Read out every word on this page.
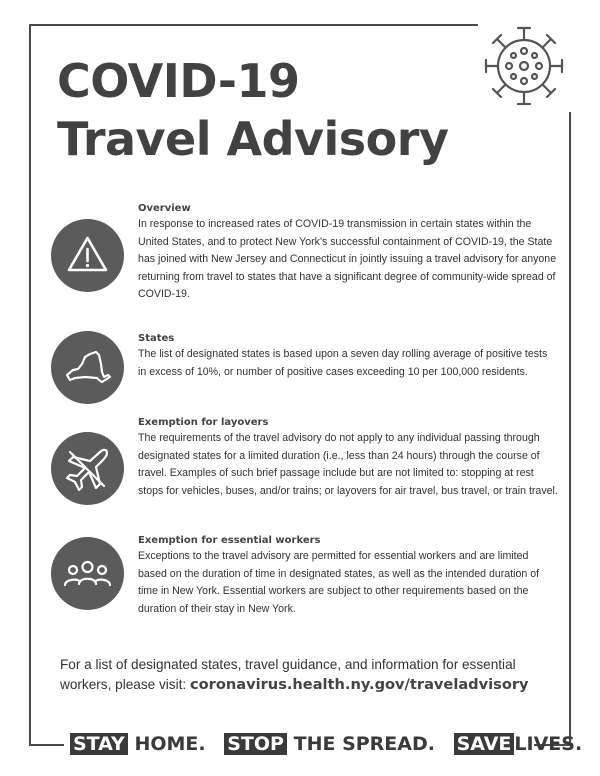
COVID-19
Travel Advisory
Overview

In response to increased rates of COVID-19 transmission in certain states within the United States, and to protect New York's successful containment of COVID-19, the State has joined with New Jersey and Connecticut in jointly issuing a travel advisory for anyone returning from travel to states that have a significant degree of community-wide spread of COVID-19.

States

The list of designated states is based upon a seven day rolling average of positive tests in excess of 10%, or number of positive cases exceeding 10 per 100,000 residents.

Exemption for layovers

The requirements of the travel advisory do not apply to any individual passing through designated states for a limited duration (i.e., less than 24 hours) through the course of travel. Examples of such brief passage include but are not limited to: stopping at rest stops for vehicles, buses, and/or trains; or layovers for air travel, bus travel, or train travel.

Exemption for essential workers

Exceptions to the travel advisory are permitted for essential workers and are limited based on the duration of time in designated states, as well as the intended duration of time in New York. Essential workers are subject to other requirements based on the duration of their stay in New York.

For a list of designated states, travel guidance, and information for essential workers, please visit: coronavirus.health.ny.gov/traveladvisory

STAY HOME. STOP THE SPREAD. SAVE LIVES.
